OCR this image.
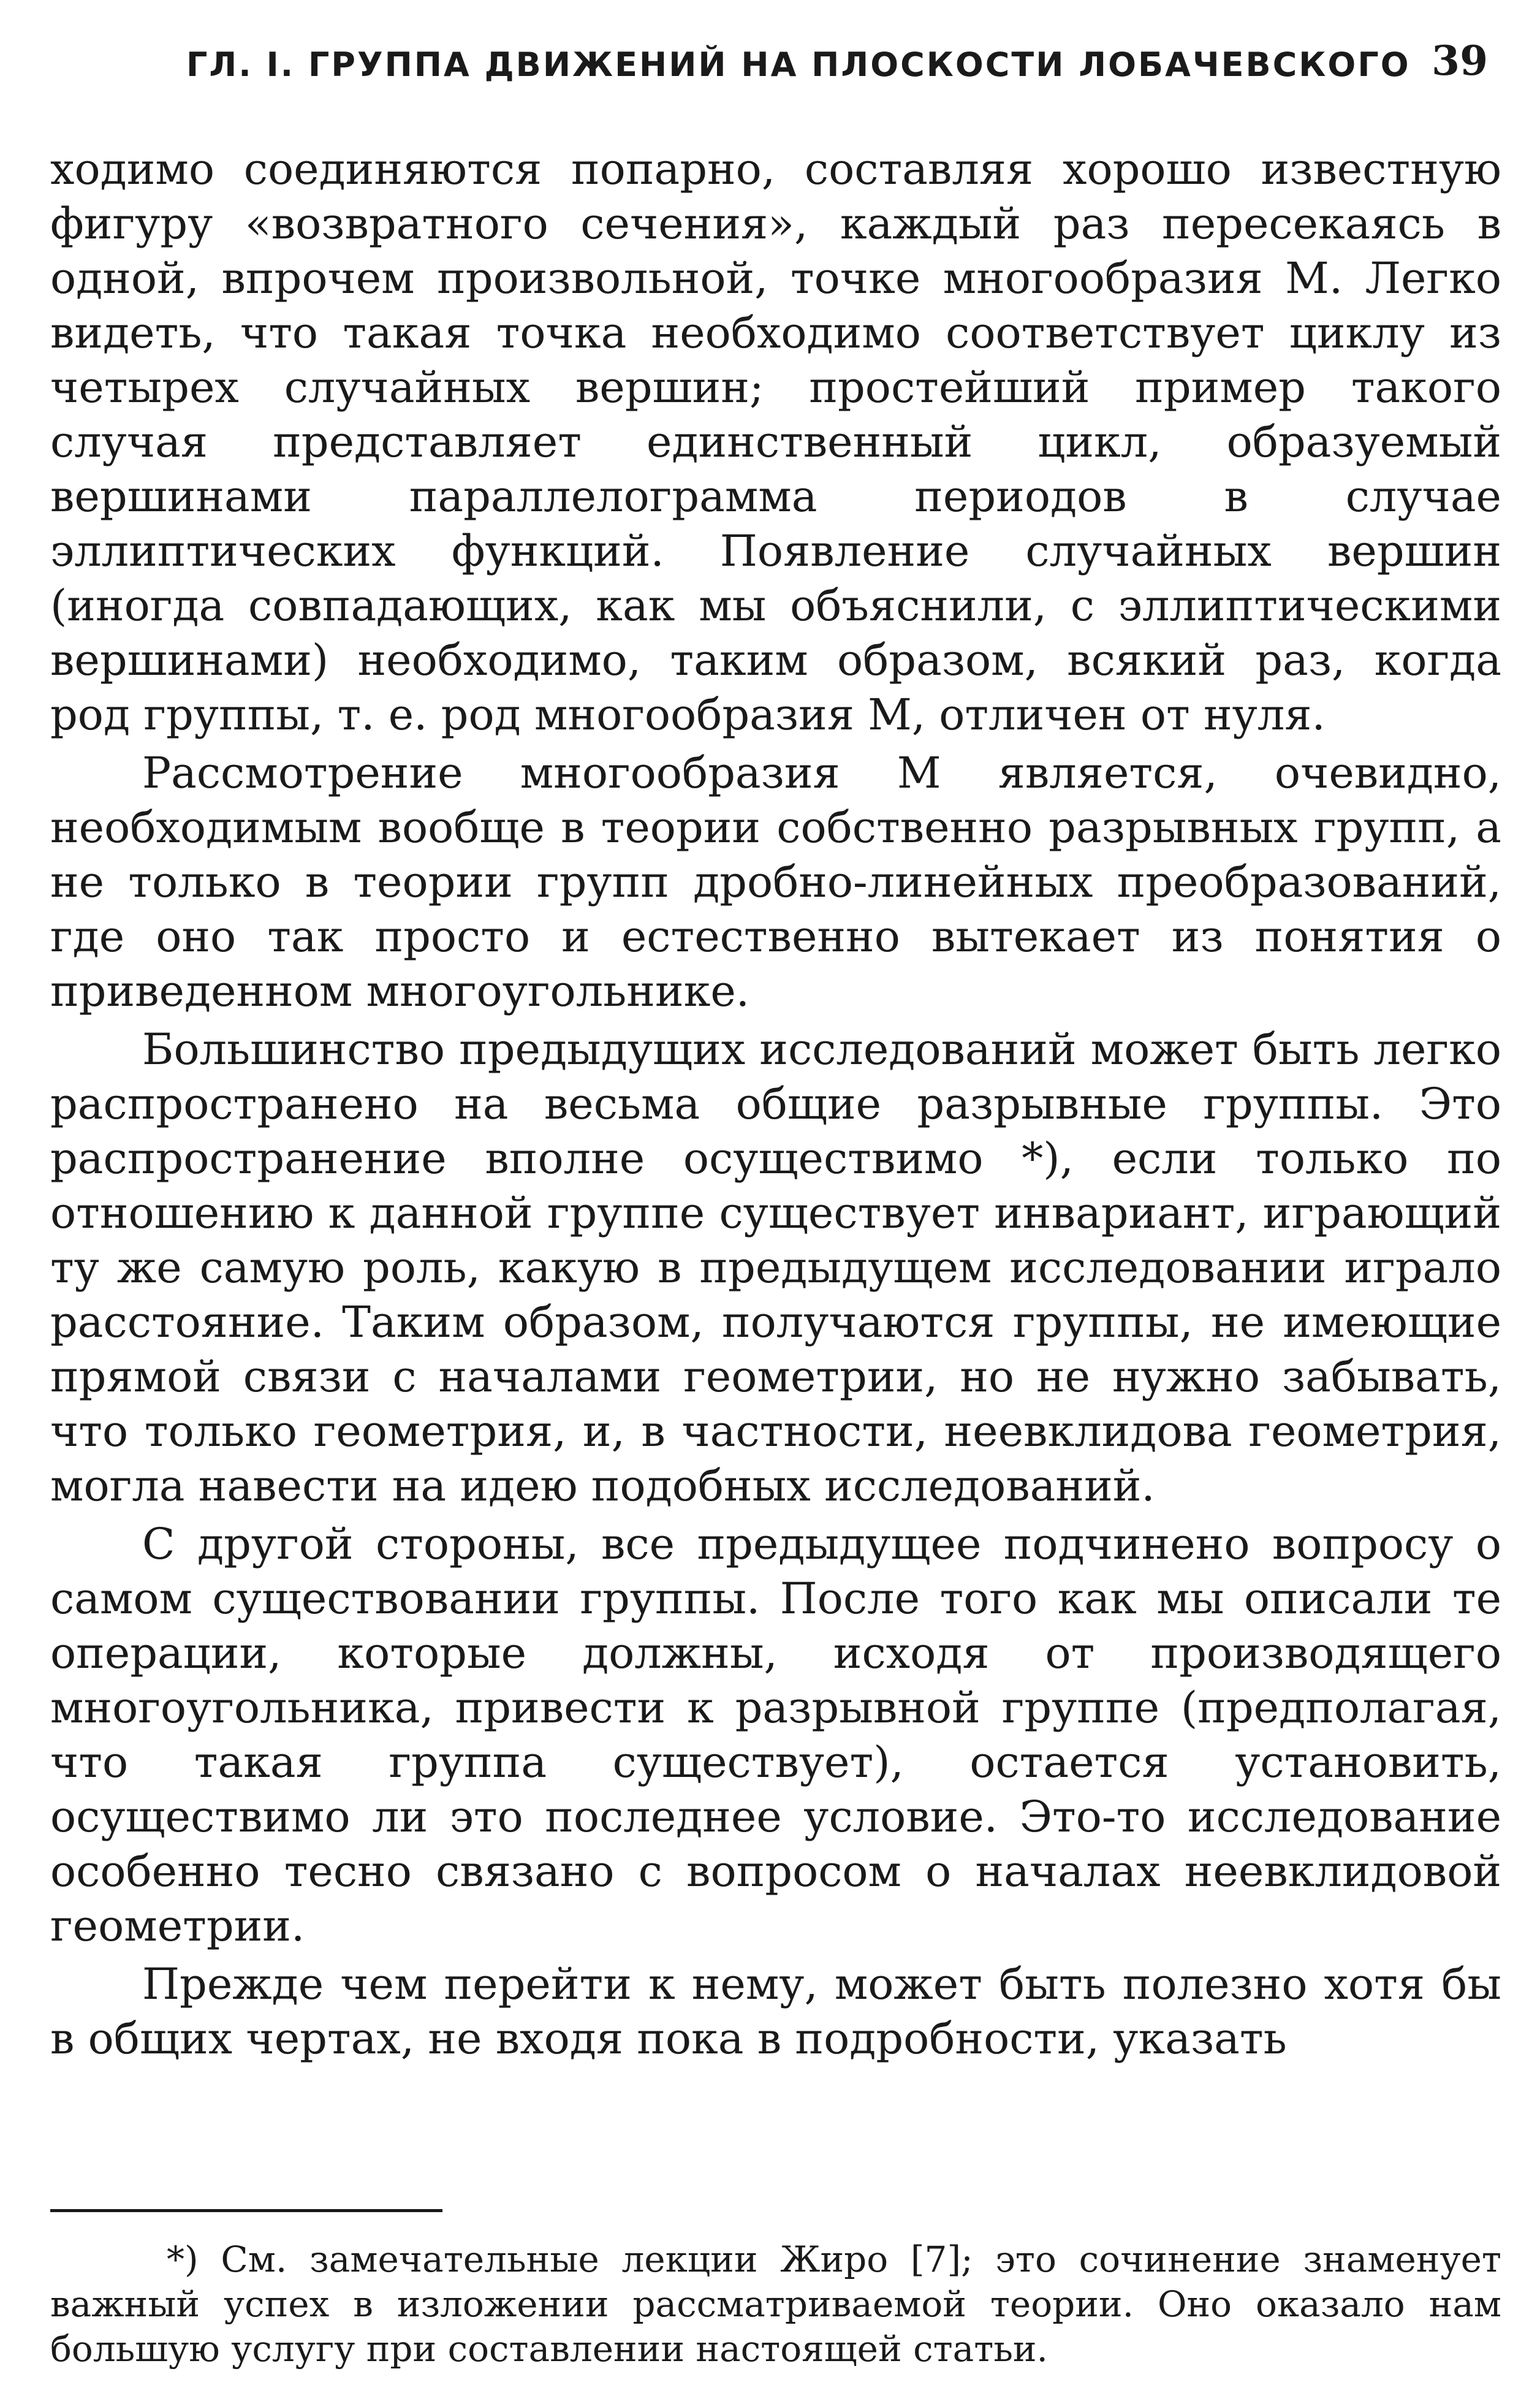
ГЛ. I. ГРУППА ДВИЖЕНИЙ НА ПЛОСКОСТИ ЛОБАЧЕВСКОГО 39

ходимо соединяются попарно, составляя хорошо известную фигуру «возвратного сечения», каждый раз пересекаясь в одной, впрочем произвольной, точке многообразия M. Легко видеть, что такая точка необходимо соответствует циклу из четырех случайных вершин; простейший пример такого случая представляет единственный цикл, образуемый вершинами параллелограмма периодов в случае эллиптических функций. Появление случайных вершин (иногда совпадающих, как мы объяснили, с эллиптическими вершинами) необходимо, таким образом, всякий раз, когда род группы, т. е. род многообразия M, отличен от нуля.

Рассмотрение многообразия M является, очевидно, необходимым вообще в теории собственно разрывных групп, а не только в теории групп дробно-линейных преобразований, где оно так просто и естественно вытекает из понятия о приведенном многоугольнике.

Большинство предыдущих исследований может быть легко распространено на весьма общие разрывные группы. Это распространение вполне осуществимо *), если только по отношению к данной группе существует инвариант, играющий ту же самую роль, какую в предыдущем исследовании играло расстояние. Таким образом, получаются группы, не имеющие прямой связи с началами геометрии, но не нужно забывать, что только геометрия, и, в частности, неевклидова геометрия, могла навести на идею подобных исследований.

С другой стороны, все предыдущее подчинено вопросу о самом существовании группы. После того как мы описали те операции, которые должны, исходя от производящего многоугольника, привести к разрывной группе (предполагая, что такая группа существует), остается установить, осуществимо ли это последнее условие. Это-то исследование особенно тесно связано с вопросом о началах неевклидовой геометрии.

Прежде чем перейти к нему, может быть полезно хотя бы в общих чертах, не входя пока в подробности, указать

*) См. замечательные лекции Жиро [7]; это сочинение знаменует важный успех в изложении рассматриваемой теории. Оно оказало нам большую услугу при составлении настоящей статьи.
